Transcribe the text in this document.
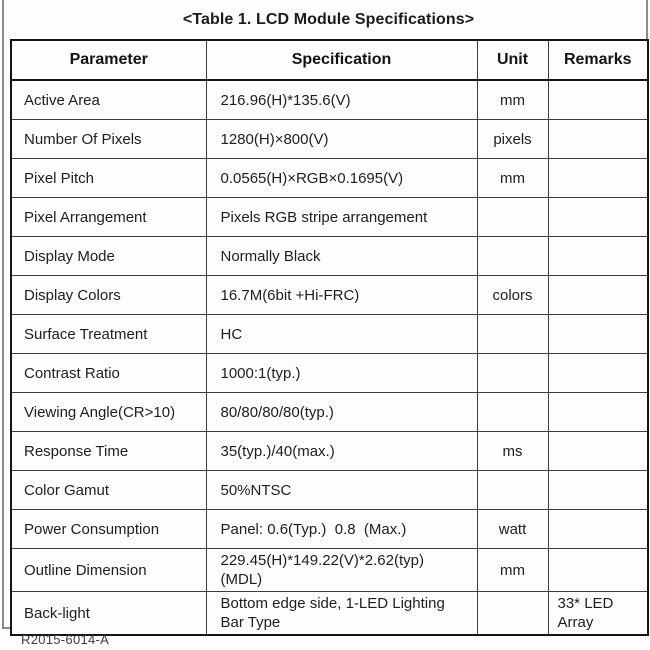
<Table 1. LCD Module Specifications>
Parameter	Specification	Unit	Remarks
Active Area	216.96(H)*135.6(V)	mm	
Number Of Pixels	1280(H)×800(V)	pixels	
Pixel Pitch	0.0565(H)×RGB×0.1695(V)	mm	
Pixel Arrangement	Pixels RGB stripe arrangement		
Display Mode	Normally Black		
Display Colors	16.7M(6bit +Hi-FRC)	colors	
Surface Treatment	HC		
Contrast Ratio	1000:1(typ.)		
Viewing Angle(CR>10)	80/80/80/80(typ.)		
Response Time	35(typ.)/40(max.)	ms	
Color Gamut	50%NTSC		
Power Consumption	Panel: 0.6(Typ.)  0.8  (Max.)	watt	
Outline Dimension	229.45(H)*149.22(V)*2.62(typ)(MDL)	mm	
Back-light	Bottom edge side, 1-LED Lighting Bar Type		33* LED Array
R2015-6014-A
